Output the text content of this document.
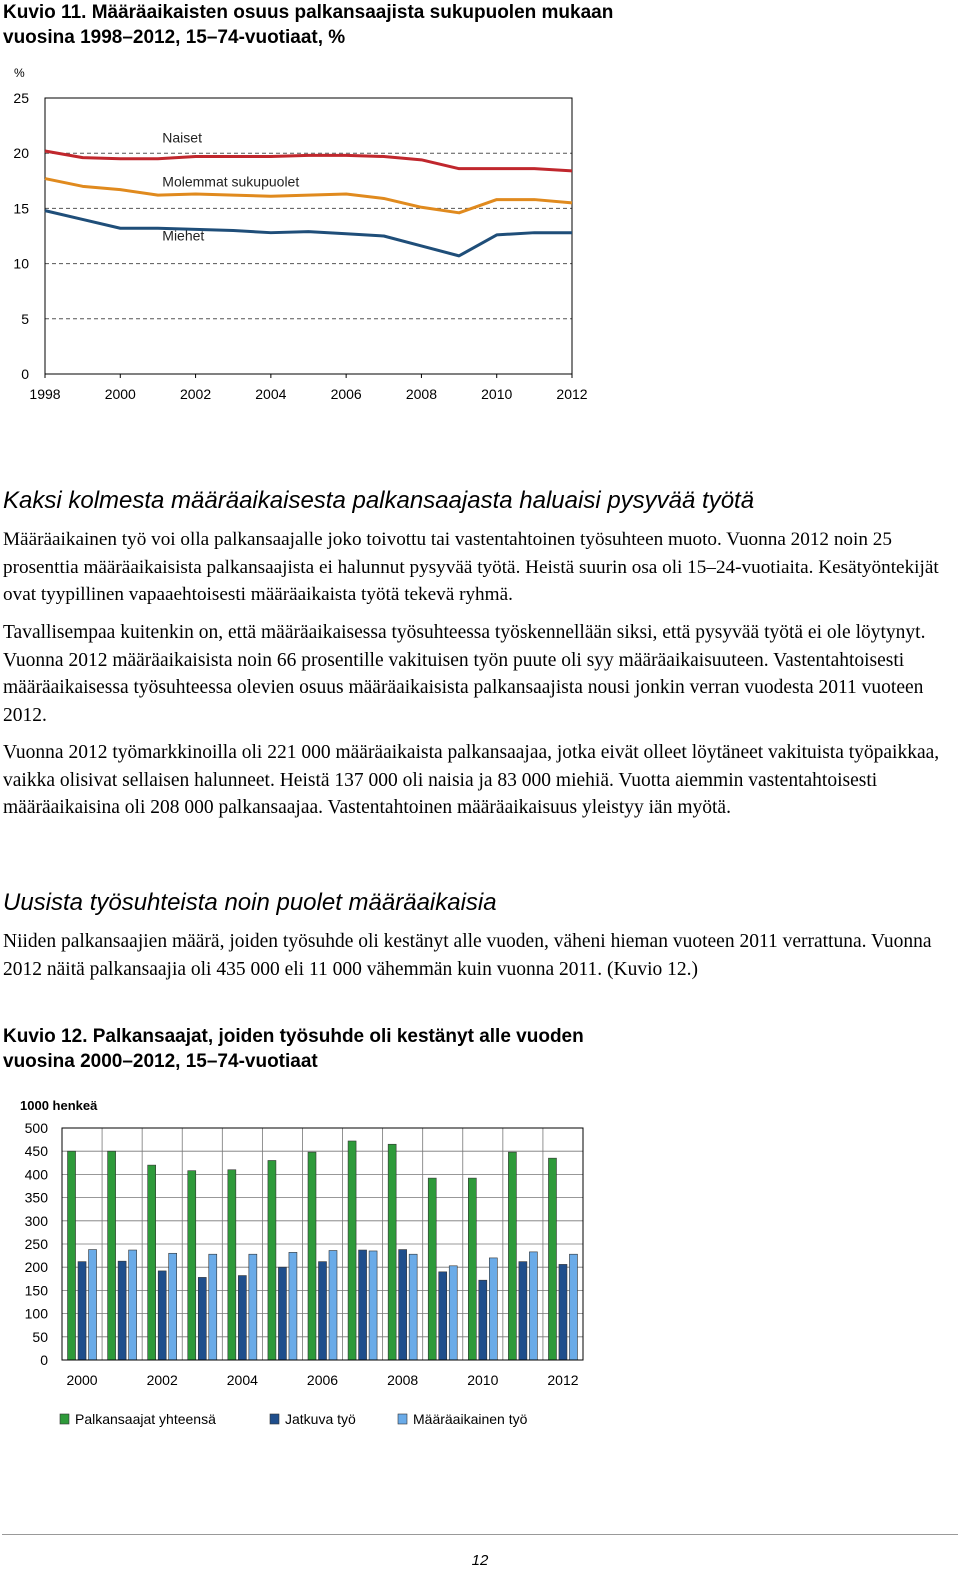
Kuvio 11. Määräaikaisten osuus palkansaajista sukupuolen mukaan
vuosina 1998–2012, 15–74-vuotiaat, %
0
5
10
15
20
25
1998	2000	2002	2004	2006	2008	2010	2012
Naiset
Molemmat sukupuolet
Miehet
%
Kaksi kolmesta määräaikaisesta palkansaajasta haluaisi pysyvää työtä

Määräaikainen työ voi olla palkansaajalle joko toivottu tai vastentahtoinen työsuhteen muoto. Vuonna 2012 noin 25 prosenttia määräaikaisista palkansaajista ei halunnut pysyvää työtä. Heistä suurin osa oli 15–24-vuotiaita. Kesätyöntekijät ovat tyypillinen vapaaehtoisesti määräaikaista työtä tekevä ryhmä.

Tavallisempaa kuitenkin on, että määräaikaisessa työsuhteessa työskennellään siksi, että pysyvää työtä ei ole löytynyt. Vuonna 2012 määräaikaisista noin 66 prosentille vakituisen työn puute oli syy määräaikaisuuteen. Vastentahtoisesti määräaikaisessa työsuhteessa olevien osuus määräaikaisista palkansaajista nousi jonkin verran vuodesta 2011 vuoteen 2012.

Vuonna 2012 työmarkkinoilla oli 221 000 määräaikaista palkansaajaa, jotka eivät olleet löytäneet vakituista työpaikkaa, vaikka olisivat sellaisen halunneet. Heistä 137 000 oli naisia ja 83 000 miehiä. Vuotta aiemmin vastentahtoisesti määräaikaisina oli 208 000 palkansaajaa. Vastentahtoinen määräaikaisuus yleistyy iän myötä.

Uusista työsuhteista noin puolet määräaikaisia

Niiden palkansaajien määrä, joiden työsuhde oli kestänyt alle vuoden, väheni hieman vuoteen 2011 verrattuna. Vuonna 2012 näitä palkansaajia oli 435 000 eli 11 000 vähemmän kuin vuonna 2011. (Kuvio 12.)

Kuvio 12. Palkansaajat, joiden työsuhde oli kestänyt alle vuoden
vuosina 2000–2012, 15–74-vuotiaat
0
50
100
150
200
250
300
350
400
450
500
2000	2002	2004	2006	2008	2010	2012
Palkansaajat yhteensä	Jatkuva työ	Määräaikainen työ
1000 henkeä
12
